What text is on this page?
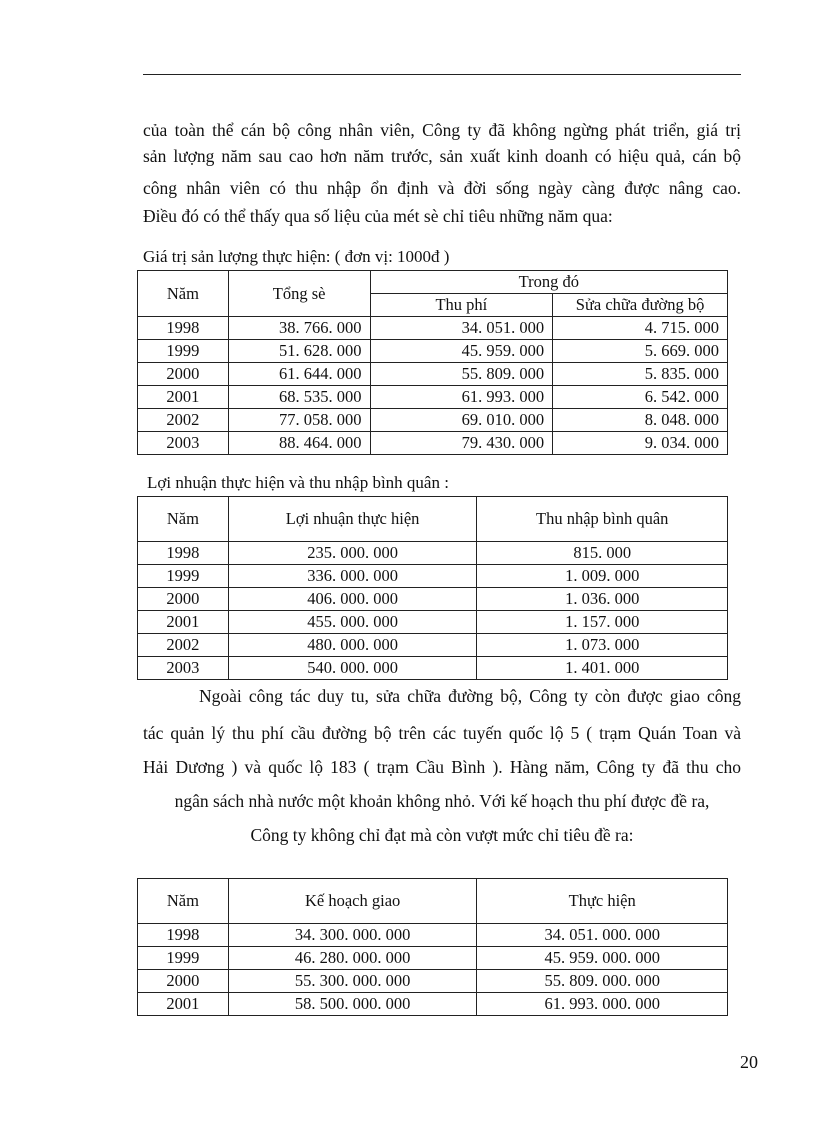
của toàn thể cán bộ công nhân viên, Công ty đã không ngừng phát triển, giá trị
sản lượng năm sau cao hơn năm trước, sản xuất kinh doanh có hiệu quả, cán bộ
công nhân viên có thu nhập ổn định và đời sống ngày càng được nâng cao.
Điều đó có thể thấy qua số liệu của mét sè chỉ tiêu những năm qua:
Giá trị sản lượng thực hiện: ( đơn vị: 1000đ )
Năm	Tổng sè	Trong đó	
		Thu phí	Sửa chữa đường bộ
1998	38. 766. 000	34. 051. 000	4. 715. 000
1999	51. 628. 000	45. 959. 000	5. 669. 000
2000	61. 644. 000	55. 809. 000	5. 835. 000
2001	68. 535. 000	61. 993. 000	6. 542. 000
2002	77. 058. 000	69. 010. 000	8. 048. 000
2003	88. 464. 000	79. 430. 000	9. 034. 000
Lợi nhuận thực hiện và thu nhập bình quân :
Năm	Lợi nhuận thực hiện	Thu nhập bình quân
1998	235. 000. 000	815. 000
1999	336. 000. 000	1. 009. 000
2000	406. 000. 000	1. 036. 000
2001	455. 000. 000	1. 157. 000
2002	480. 000. 000	1. 073. 000
2003	540. 000. 000	1. 401. 000
Ngoài công tác duy tu, sửa chữa đường bộ, Công ty còn được giao công
tác quản lý thu phí cầu đường bộ trên các tuyến quốc lộ 5 ( trạm Quán Toan và
Hải Dương ) và quốc lộ 183 ( trạm Cầu Bình ). Hàng năm, Công ty đã thu cho
ngân sách nhà nước một khoản không nhỏ. Với kế hoạch thu phí được đề ra,
Công ty không chỉ đạt mà còn vượt mức chỉ tiêu đề ra:
Năm	Kế hoạch giao	Thực hiện
1998	34. 300. 000. 000	34. 051. 000. 000
1999	46. 280. 000. 000	45. 959. 000. 000
2000	55. 300. 000. 000	55. 809. 000. 000
2001	58. 500. 000. 000	61. 993. 000. 000
20
